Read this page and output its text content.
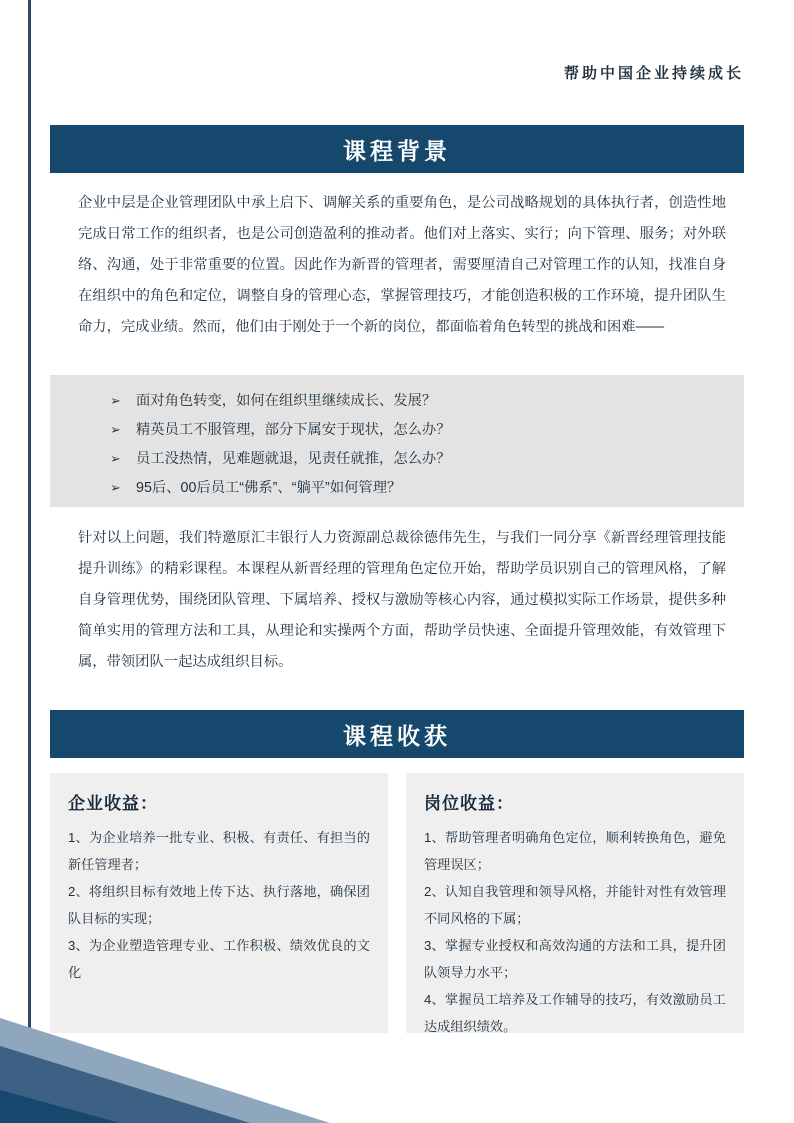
帮助中国企业持续成长
课程背景
企业中层是企业管理团队中承上启下、调解关系的重要角色，是公司战略规划的具体执行者，创造性地完成日常工作的组织者，也是公司创造盈利的推动者。他们对上落实、实行；向下管理、服务；对外联络、沟通，处于非常重要的位置。因此作为新晋的管理者，需要厘清自己对管理工作的认知，找准自身在组织中的角色和定位，调整自身的管理心态，掌握管理技巧，才能创造积极的工作环境，提升团队生命力，完成业绩。然而，他们由于刚处于一个新的岗位，都面临着角色转型的挑战和困难——
➢	面对角色转变，如何在组织里继续成长、发展？
➢	精英员工不服管理，部分下属安于现状，怎么办？
➢	员工没热情，见难题就退，见责任就推，怎么办？
➢	95后、00后员工“佛系”、“躺平”如何管理？
针对以上问题，我们特邀原汇丰银行人力资源副总裁徐德伟先生，与我们一同分享《新晋经理管理技能提升训练》的精彩课程。本课程从新晋经理的管理角色定位开始，帮助学员识别自己的管理风格，了解自身管理优势，围绕团队管理、下属培养、授权与激励等核心内容，通过模拟实际工作场景，提供多种简单实用的管理方法和工具，从理论和实操两个方面，帮助学员快速、全面提升管理效能，有效管理下属，带领团队一起达成组织目标。
课程收获
企业收益：
1、为企业培养一批专业、积极、有责任、有担当的新任管理者；
2、将组织目标有效地上传下达、执行落地，确保团队目标的实现；
3、为企业塑造管理专业、工作积极、绩效优良的文化
岗位收益：
1、帮助管理者明确角色定位，顺利转换角色，避免管理误区；
2、认知自我管理和领导风格，并能针对性有效管理不同风格的下属；
3、掌握专业授权和高效沟通的方法和工具，提升团队领导力水平；
4、掌握员工培养及工作辅导的技巧，有效激励员工达成组织绩效。
